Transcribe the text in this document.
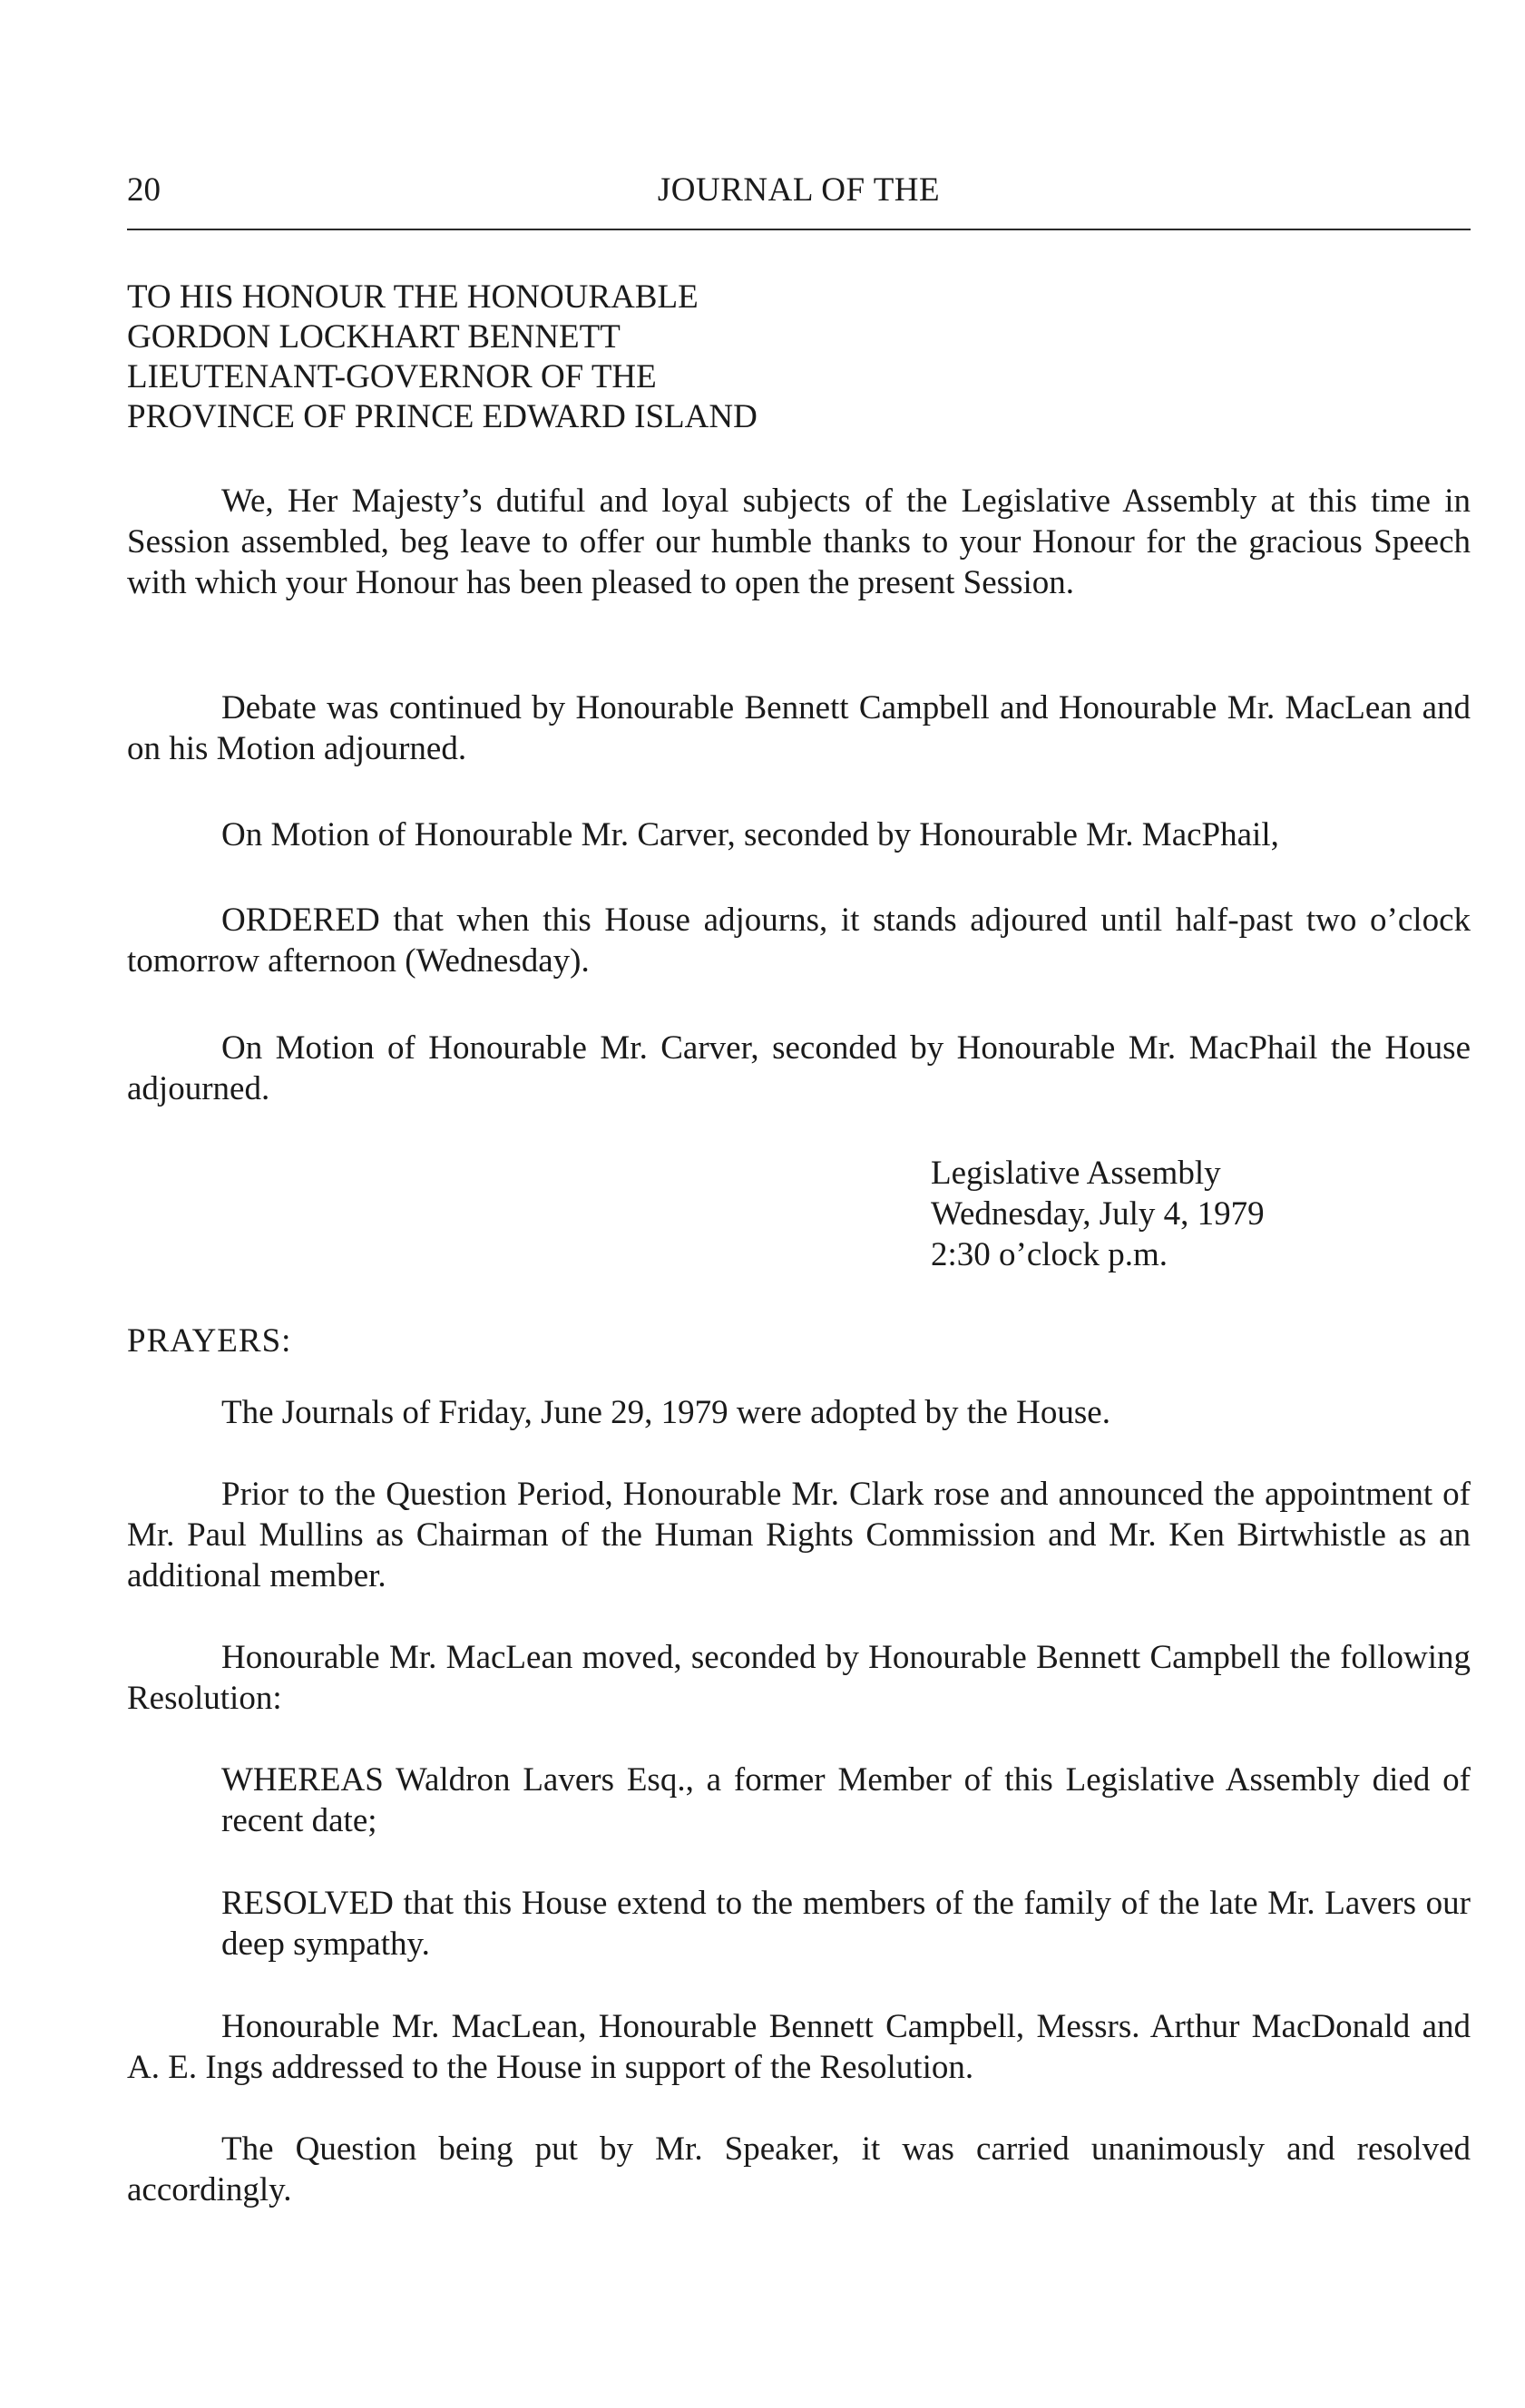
20	JOURNAL OF THE
TO HIS HONOUR THE HONOURABLE
GORDON LOCKHART BENNETT
LIEUTENANT-GOVERNOR OF THE
PROVINCE OF PRINCE EDWARD ISLAND

We, Her Majesty’s dutiful and loyal subjects of the Legislative Assembly at this time in Session assembled, beg leave to offer our humble thanks to your Honour for the gracious Speech with which your Honour has been pleased to open the present Session.

Debate was continued by Honourable Bennett Campbell and Honourable Mr. MacLean and on his Motion adjourned.

On Motion of Honourable Mr. Carver, seconded by Honourable Mr. MacPhail,

ORDERED that when this House adjourns, it stands adjoured until half-past two o’clock tomorrow afternoon (Wednesday).

On Motion of Honourable Mr. Carver, seconded by Honourable Mr. MacPhail the House adjourned.

Legislative Assembly
Wednesday, July 4, 1979
2:30 o’clock p.m.
PRAYERS:

The Journals of Friday, June 29, 1979 were adopted by the House.

Prior to the Question Period, Honourable Mr. Clark rose and announced the appointment of Mr. Paul Mullins as Chairman of the Human Rights Commission and Mr. Ken Birtwhistle as an additional member.

Honourable Mr. MacLean moved, seconded by Honourable Bennett Campbell the following Resolution:

WHEREAS Waldron Lavers Esq., a former Member of this Legislative Assembly died of recent date;

RESOLVED that this House extend to the members of the family of the late Mr. Lavers our deep sympathy.

Honourable Mr. MacLean, Honourable Bennett Campbell, Messrs. Arthur MacDonald and A. E. Ings addressed to the House in support of the Resolution.

The Question being put by Mr. Speaker, it was carried unanimously and resolved accordingly.
